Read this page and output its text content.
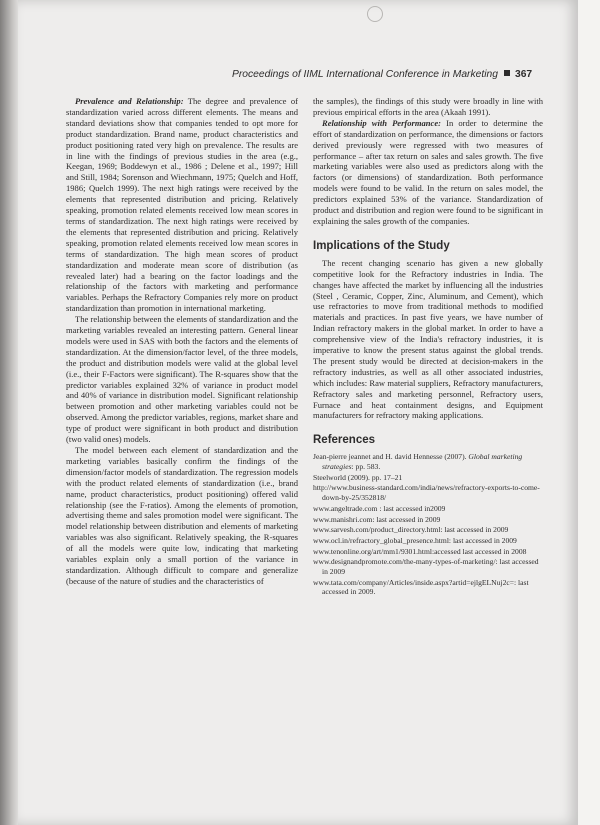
Proceedings of IIML International Conference in Marketing 367

Prevalence and Relationship: The degree and prevalence of standardization varied across different elements. The means and standard deviations show that companies tended to opt more for product standardization. Brand name, product characteristics and product positioning rated very high on prevalence. The results are in line with the findings of previous studies in the area (e.g., Keegan, 1969; Boddewyn et al., 1986 ; Delene et al., 1997; Hill and Still, 1984; Sorenson and Wiechmann, 1975; Quelch and Hoff, 1986; Quelch 1999). The next high ratings were received by the elements that represented distribution and pricing. Relatively speaking, promotion related elements received low mean scores in terms of standardization. The next high ratings were received by the elements that represented distribution and pricing. Relatively speaking, promotion related elements received low mean scores in terms of standardization. The high mean scores of product standardization and moderate mean score of distribution (as revealed later) had a bearing on the factor loadings and the relationship of the factors with marketing and performance variables. Perhaps the Refractory Companies rely more on product standardization than promotion in international marketing.

The relationship between the elements of standardization and the marketing variables revealed an interesting pattern. General linear models were used in SAS with both the factors and the elements of standardization. At the dimension/factor level, of the three models, the product and distribution models were valid at the global level (i.e., their F-Factors were significant). The R-squares show that the predictor variables explained 32% of variance in product model and 40% of variance in distribution model. Significant relationship between promotion and other marketing variables could not be observed. Among the predictor variables, regions, market share and type of product were significant in both product and distribution (two valid ones) models.

The model between each element of standardization and the marketing variables basically confirm the findings of the dimension/factor models of standardization. The regression models with the product related elements of standardization (i.e., brand name, product characteristics, product positioning) offered valid relationship (see the F-ratios). Among the elements of promotion, advertising theme and sales promotion model were significant. The model relationship between distribution and elements of marketing variables was also significant. Relatively speaking, the R-squares of all the models were quite low, indicating that marketing variables explain only a small portion of the variance in standardization. Although difficult to compare and generalize (because of the nature of studies and the characteristics of

the samples), the findings of this study were broadly in line with previous empirical efforts in the area (Akaah 1991).

Relationship with Performance: In order to determine the effort of standardization on performance, the dimensions or factors derived previously were regressed with two measures of performance – after tax return on sales and sales growth. The five marketing variables were also used as predictors along with the factors (or dimensions) of standardization. Both performance models were found to be valid. In the return on sales model, the predictors explained 53% of the variance. Standardization of product and distribution and region were found to be significant in explaining the sales growth of the companies.

Implications of the Study

The recent changing scenario has given a new globally competitive look for the Refractory industries in India. The changes have affected the market by influencing all the industries (Steel , Ceramic, Copper, Zinc, Aluminum, and Cement), which use refractories to move from traditional methods to modified materials and practices. In past five years, we have number of Indian refractory makers in the global market. In order to have a comprehensive view of the India's refractory industries, it is imperative to know the present status against the global trends. The present study would be directed at decision-makers in the refractory industries, as well as all other associated industries, which includes: Raw material suppliers, Refractory manufacturers, Refractory sales and marketing personnel, Refractory users, Furnace and heat containment designs, and Equipment manufacturers for refractory making applications.

References
Jean-pierre jeannet and H. david Hennesse (2007). Global marketing strategies: pp. 583.
Steelworld (2009). pp. 17–21
http://www.business-standard.com/india/news/refractory-exports-to-come-down-by-25/352818/
www.angeltrade.com : last accessed in2009
www.manishri.com: last accessed in 2009
www.sarvesh.com/product_directory.html: last accessed in 2009
www.ocl.in/refractory_global_presence.html: last accessed in 2009
www.tenonline.org/art/mm1/9301.html:accessed last accessed in 2008
www.designandpromote.com/the-many-types-of-marketing/: last accessed in 2009
www.tata.com/company/Articles/inside.aspx?artid=ejlgELNuj2c=: last accessed in 2009.
